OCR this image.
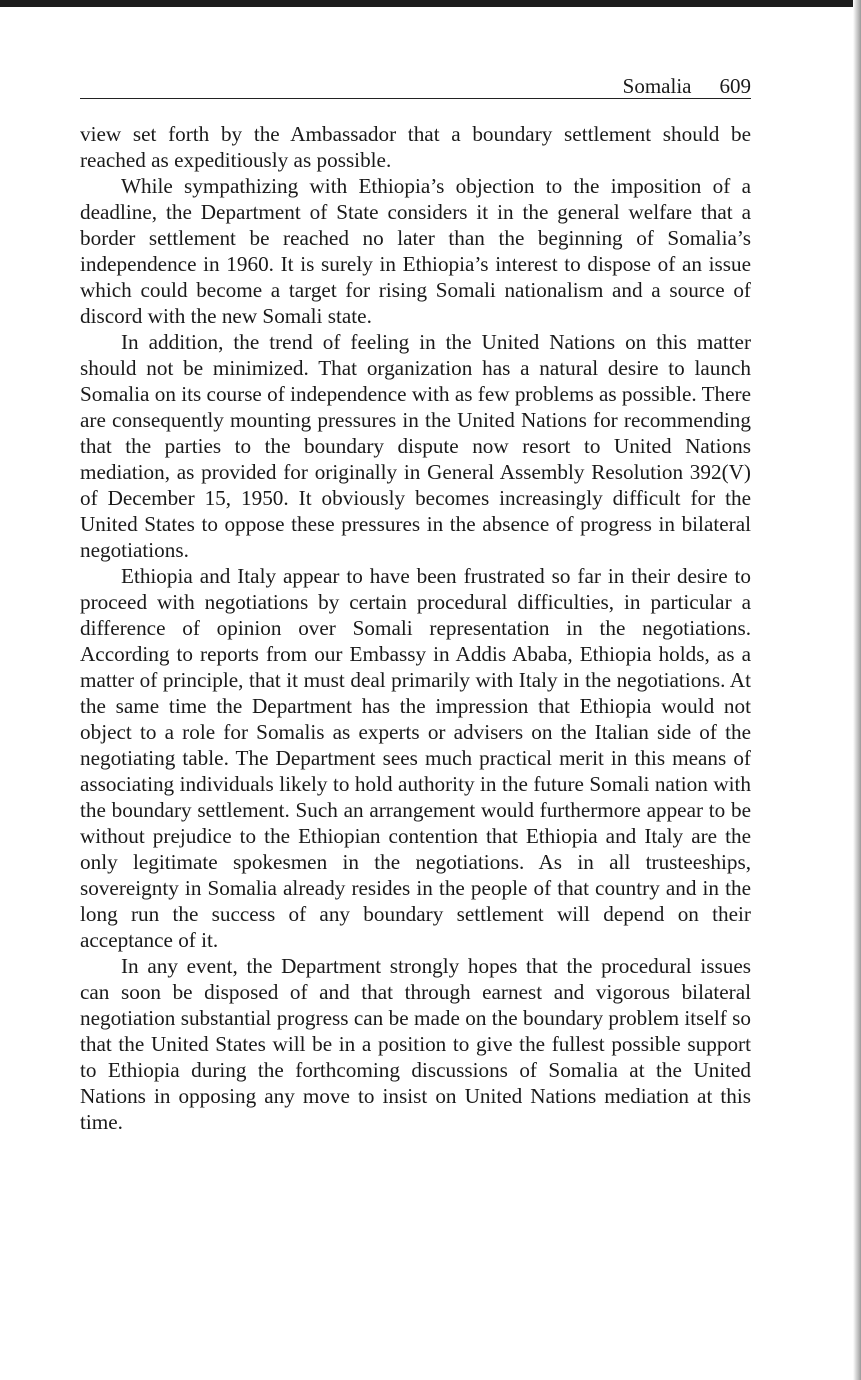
Somalia 609

view set forth by the Ambassador that a boundary settlement should be reached as expeditiously as possible.

While sympathizing with Ethiopia’s objection to the imposition of a deadline, the Department of State considers it in the general welfare that a border settlement be reached no later than the beginning of Somalia’s independence in 1960. It is surely in Ethiopia’s interest to dispose of an issue which could become a target for rising Somali nationalism and a source of discord with the new Somali state.

In addition, the trend of feeling in the United Nations on this matter should not be minimized. That organization has a natural desire to launch Somalia on its course of independence with as few problems as possible. There are consequently mounting pressures in the United Nations for recommending that the parties to the boundary dispute now resort to United Nations mediation, as provided for originally in General Assembly Resolution 392(V) of December 15, 1950. It obviously becomes increasingly difficult for the United States to oppose these pressures in the absence of progress in bilateral negotiations.

Ethiopia and Italy appear to have been frustrated so far in their desire to proceed with negotiations by certain procedural difficulties, in particular a difference of opinion over Somali representation in the negotiations. According to reports from our Embassy in Addis Ababa, Ethiopia holds, as a matter of principle, that it must deal primarily with Italy in the negotiations. At the same time the Department has the impression that Ethiopia would not object to a role for Somalis as experts or advisers on the Italian side of the negotiating table. The Department sees much practical merit in this means of associating individuals likely to hold authority in the future Somali nation with the boundary settlement. Such an arrangement would furthermore appear to be without prejudice to the Ethiopian contention that Ethiopia and Italy are the only legitimate spokesmen in the negotiations. As in all trusteeships, sovereignty in Somalia already resides in the people of that country and in the long run the success of any boundary settlement will depend on their acceptance of it.

In any event, the Department strongly hopes that the procedural issues can soon be disposed of and that through earnest and vigorous bilateral negotiation substantial progress can be made on the boundary problem itself so that the United States will be in a position to give the fullest possible support to Ethiopia during the forthcoming discussions of Somalia at the United Nations in opposing any move to insist on United Nations mediation at this time.
